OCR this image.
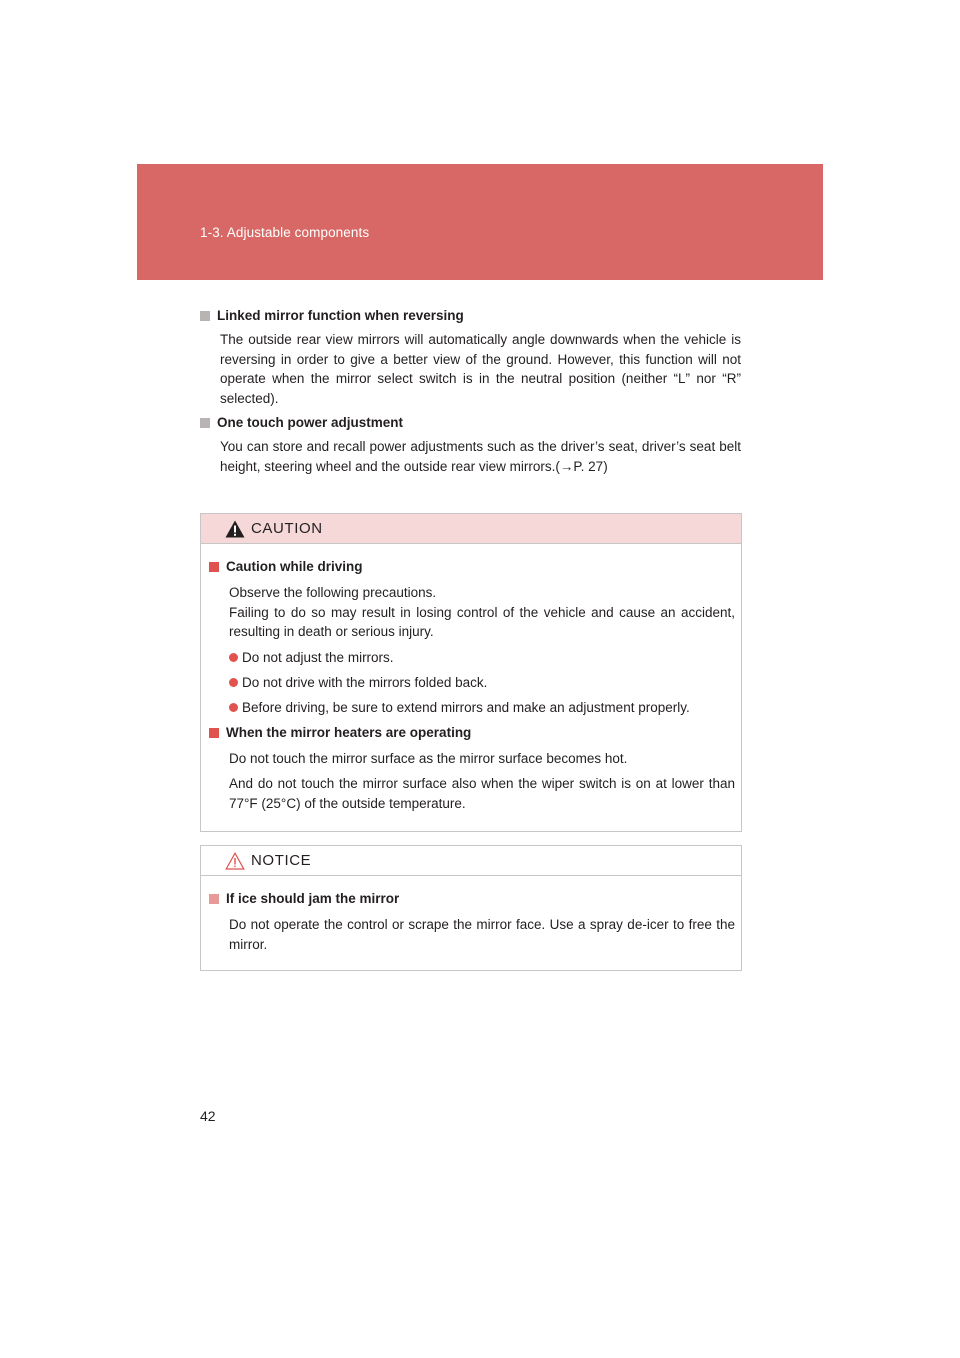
1-3. Adjustable components
Linked mirror function when reversing

The outside rear view mirrors will automatically angle downwards when the vehicle is reversing in order to give a better view of the ground. However, this function will not operate when the mirror select switch is in the neutral position (neither “L” nor “R” selected).

One touch power adjustment

You can store and recall power adjustments such as the driver’s seat, driver’s seat belt height, steering wheel and the outside rear view mirrors.(→P. 27)

CAUTION
Caution while driving

Observe the following precautions.

Failing to do so may result in losing control of the vehicle and cause an accident, resulting in death or serious injury.

Do not adjust the mirrors.
Do not drive with the mirrors folded back.
Before driving, be sure to extend mirrors and make an adjustment properly.
When the mirror heaters are operating

Do not touch the mirror surface as the mirror surface becomes hot.

And do not touch the mirror surface also when the wiper switch is on at lower than 77°F (25°C) of the outside temperature.

NOTICE
If ice should jam the mirror

Do not operate the control or scrape the mirror face. Use a spray de-icer to free the mirror.

42
